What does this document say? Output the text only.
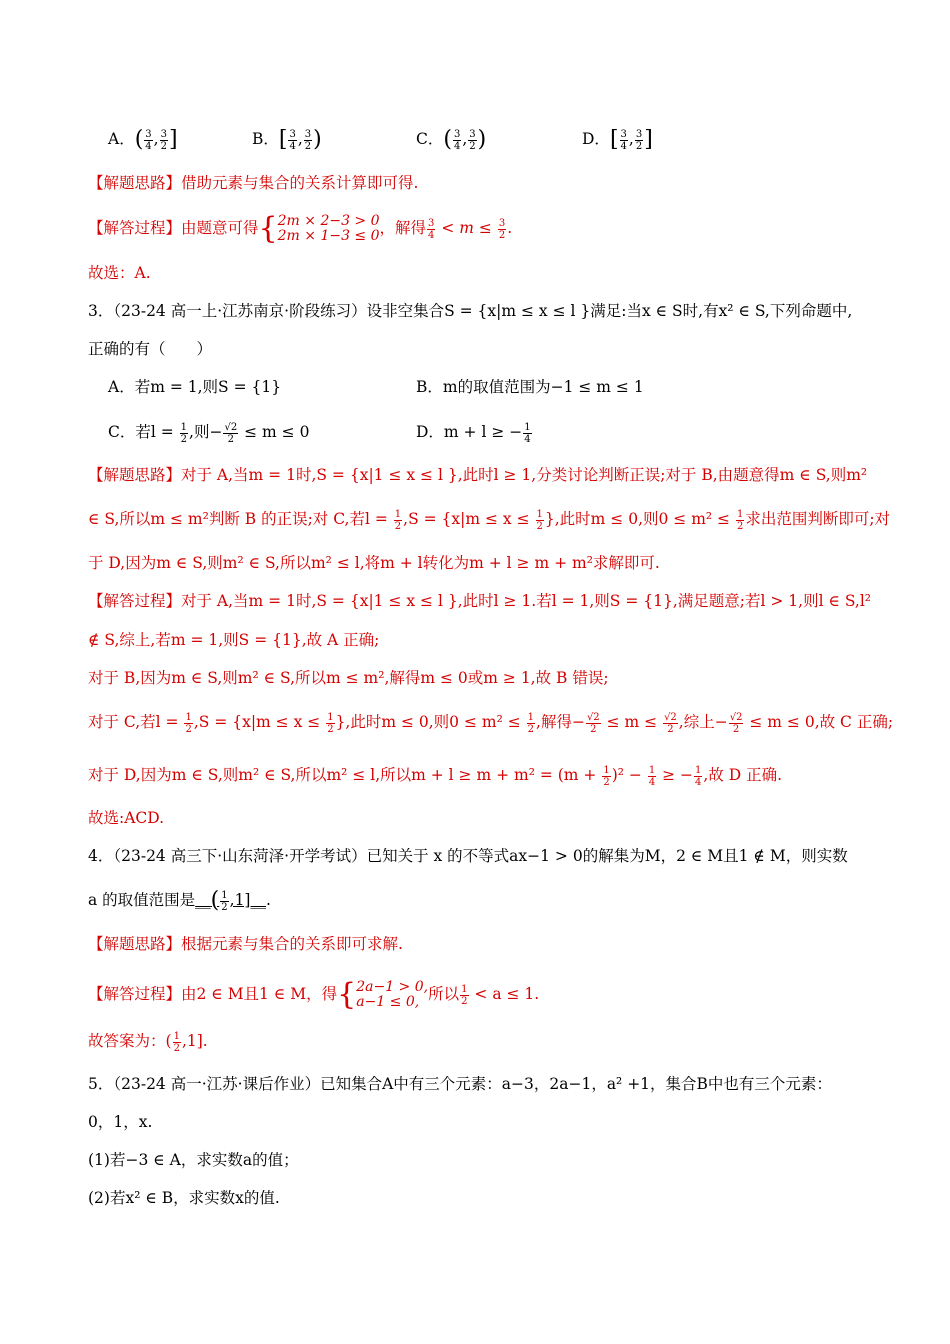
A．( $\frac{3}{4}$ , $\frac{3}{2}$ ]	B．[ $\frac{3}{4}$ , $\frac{3}{2}$ )	C．( $\frac{3}{4}$ , $\frac{3}{2}$ )	D．[ $\frac{3}{4}$ , $\frac{3}{2}$ ]
【解题思路】借助元素与集合的关系计算即可得.
【解答过程】由题意可得{ 2m × 2−3 > 0
2m × 1−3 ≤ 0 ，解得 $\frac{3}{4} < m \le \frac{3}{2}$ .
故选：A.
3．（23-24 高一上·江苏南京·阶段练习）设非空集合S = {x|m ≤ x ≤ l }满足:当x ∈ S时,有x² ∈ S,下列命题中,
正确的有（　　）
A．若m = 1,则S = {1}	B．m的取值范围为−1 ≤ m ≤ 1
C．若$l = \frac{1}{2}$ ,则− $\frac{√2}{2} \le m \le 0$	D．m + l ≥ − $\frac{1}{4}$
【解题思路】对于 A,当m = 1时,S = {x|1 ≤ x ≤ l },此时l ≥ 1,分类讨论判断正误;对于 B,由题意得m ∈ S,则m²
∈ S,所以m ≤ m²判断 B 的正误;对 C,若$l = \frac{1}{2} ,S = \{x|m \le x \le \frac{1}{2}$ },此时m ≤ 0,则$0 \le m^2 \le \frac{1}{2}$ 求出范围判断即可;对
于 D,因为m ∈ S,则m² ∈ S,所以m² ≤ l,将m + l转化为m + l ≥ m + m²求解即可.
【解答过程】对于 A,当m = 1时,S = {x|1 ≤ x ≤ l },此时l ≥ 1.若l = 1,则S = {1},满足题意;若l > 1,则l ∈ S,l²
∉ S,综上,若m = 1,则S = {1},故 A 正确;
对于 B,因为m ∈ S,则m² ∈ S,所以m ≤ m²,解得m ≤ 0或m ≥ 1,故 B 错误;
对于 C,若$l = \frac{1}{2} ,S = \{x|m \le x \le \frac{1}{2}$ },此时m ≤ 0,则$0 \le m^2 \le \frac{1}{2}$ ,解得− $\frac{√2}{2} \le m \le \frac{√2}{2}$ ,综上− $\frac{√2}{2} \le m \le 0$,故 C 正确;
对于 D,因为m ∈ S,则m² ∈ S,所以m² ≤ l,所以$m + l \ge m + m^2 = (m + \frac{1}{2} )^2 - \frac{1}{4}$ ≥ − $\frac{1}{4}$ ,故 D 正确.
故选:ACD.
4．（23-24 高三下·山东菏泽·开学考试）已知关于 x 的不等式ax−1 > 0的解集为M，2 ∈ M且1 ∉ M，则实数
a 的取值范围是__( $\frac{1}{2}$ ,1]__.
【解题思路】根据元素与集合的关系即可求解.
【解答过程】由2 ∈ M且1 ∈ M，得{ 2a−1 > 0,
a−1 ≤ 0, 所以 $\frac{1}{2} < a \le 1$.
故答案为：( $\frac{1}{2} ,1$].
5．（23-24 高一·江苏·课后作业）已知集合A中有三个元素：a−3，2a−1，a² +1，集合B中也有三个元素：
0，1，x.
(1)若−3 ∈ A，求实数a的值；
(2)若x² ∈ B，求实数x的值.
